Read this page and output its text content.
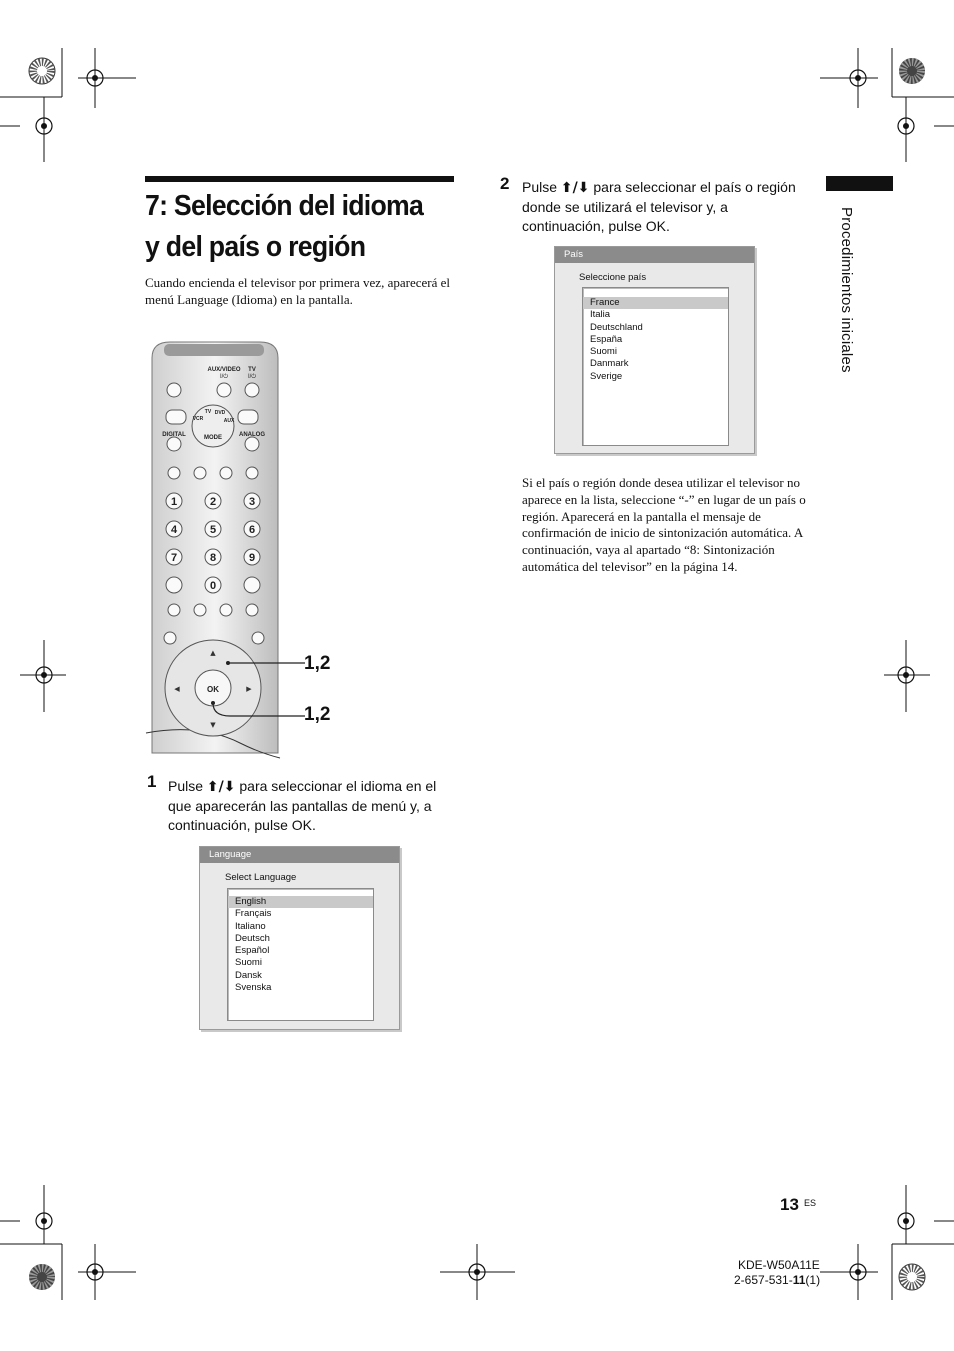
7: Selección del idioma
y del país o región
Cuando encienda el televisor por primera vez, aparecerá el menú Language (Idioma) en la pantalla.
AUX/VIDEO TV
I/⏻	I/⏻
DIGITAL	ANALOG
MODE
VCR
TV DVD
AUX
1	2	3
4	5	6
7	8	9
0
OK
▲
▼
◀	▶
1,2
1,2
1 Pulse ⬆/⬇ para seleccionar el idioma en el que aparecerán las pantallas de menú y, a continuación, pulse OK.
Language
Select Language
English
Français
Italiano
Deutsch
Español
Suomi
Dansk
Svenska
2 Pulse ⬆/⬇ para seleccionar el país o región donde se utilizará el televisor y, a continuación, pulse OK.
País
Seleccione país
France
Italia
Deutschland
España
Suomi
Danmark
Sverige
Si el país o región donde desea utilizar el televisor no aparece en la lista, seleccione “-” en lugar de un país o región. Aparecerá en la pantalla el mensaje de confirmación de inicio de sintonización automática. A continuación, vaya al apartado “8: Sintonización automática del televisor” en la página 14.
Procedimientos iniciales
13 ES
KDE-W50A11E
2-657-531-11(1)
